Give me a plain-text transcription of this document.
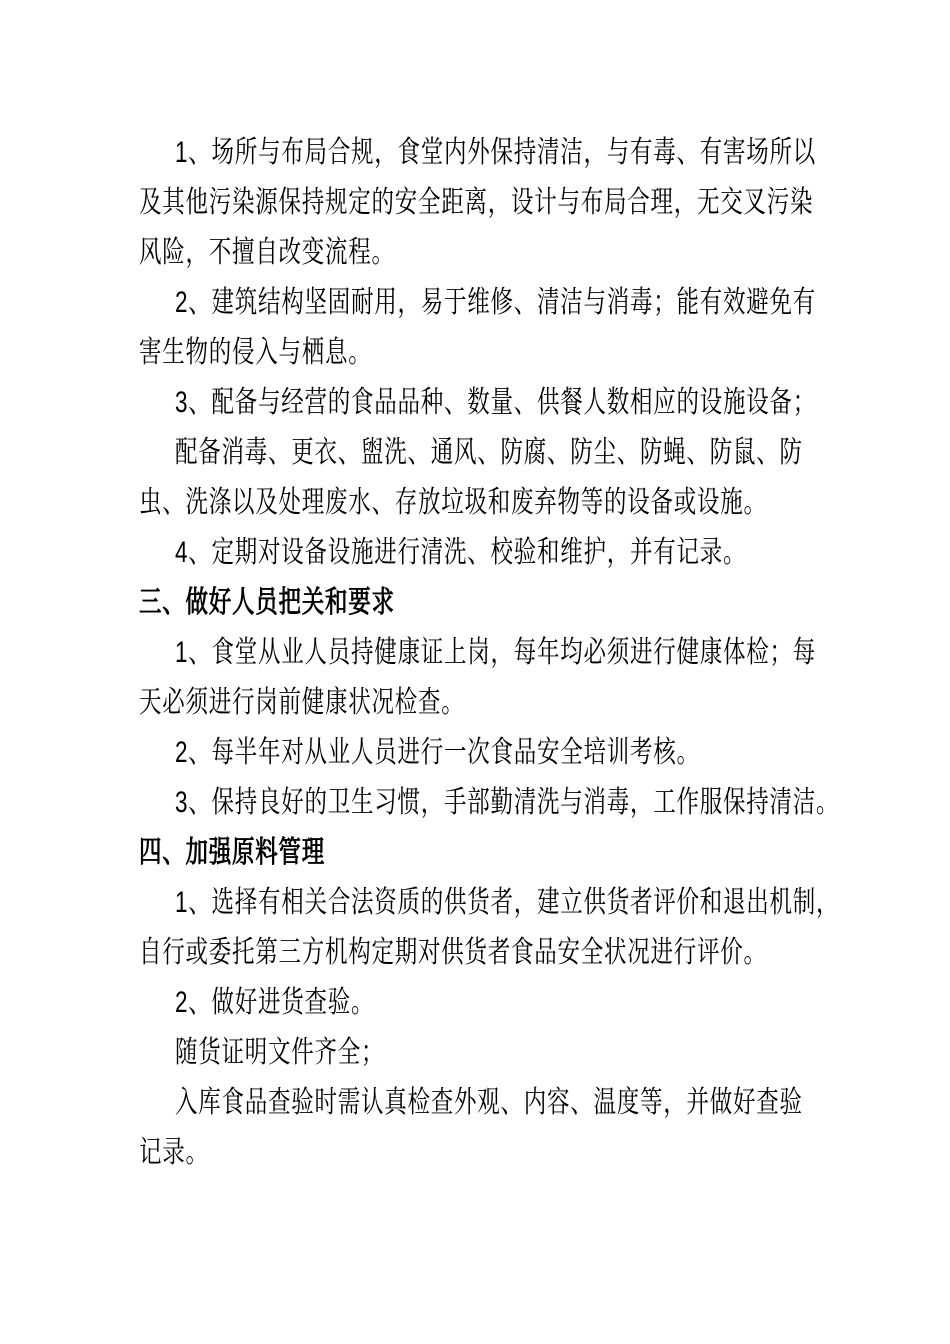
1、场所与布局合规，食堂内外保持清洁，与有毒、有害场所以
及其他污染源保持规定的安全距离，设计与布局合理，无交叉污染
风险，不擅自改变流程。
2、建筑结构坚固耐用，易于维修、清洁与消毒；能有效避免有
害生物的侵入与栖息。
3、配备与经营的食品品种、数量、供餐人数相应的设施设备；
配备消毒、更衣、盥洗、通风、防腐、防尘、防蝇、防鼠、防
虫、洗涤以及处理废水、存放垃圾和废弃物等的设备或设施。
4、定期对设备设施进行清洗、校验和维护，并有记录。
三、做好人员把关和要求
1、食堂从业人员持健康证上岗，每年均必须进行健康体检；每
天必须进行岗前健康状况检查。
2、每半年对从业人员进行一次食品安全培训考核。
3、保持良好的卫生习惯，手部勤清洗与消毒，工作服保持清洁。
四、加强原料管理
1、选择有相关合法资质的供货者，建立供货者评价和退出机制，
自行或委托第三方机构定期对供货者食品安全状况进行评价。
2、做好进货查验。
随货证明文件齐全；
入库食品查验时需认真检查外观、内容、温度等，并做好查验
记录。
